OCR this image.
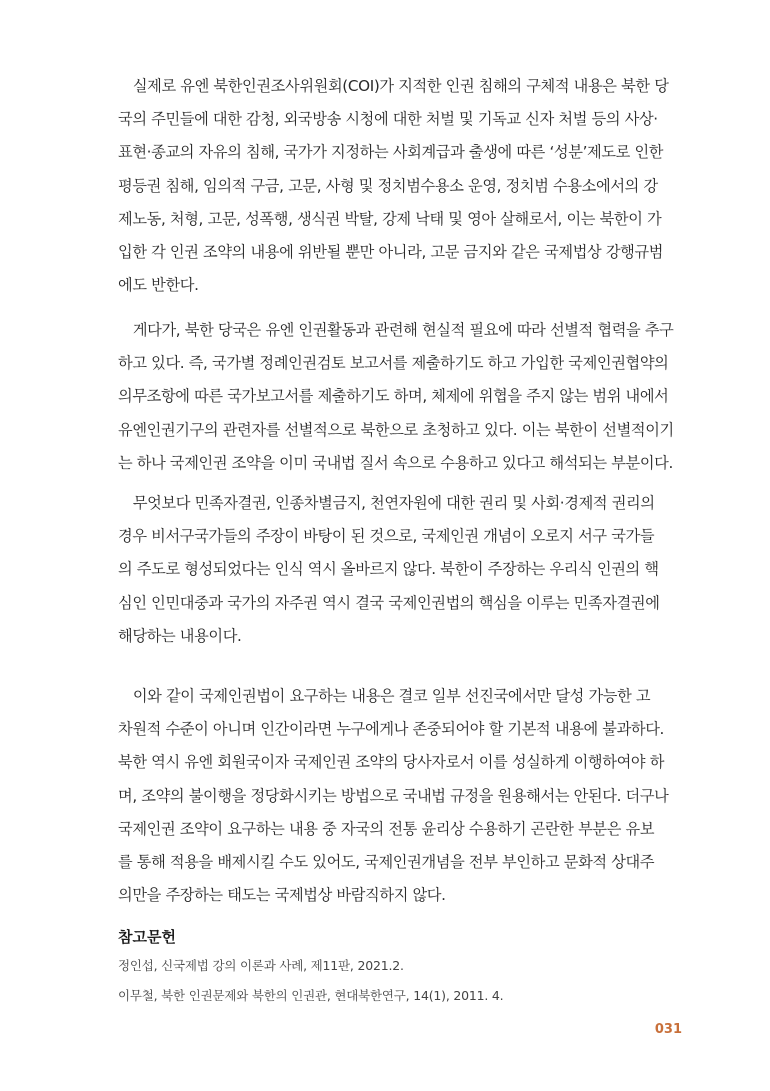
　실제로 유엔 북한인권조사위원회(COI)가 지적한 인권 침해의 구체적 내용은 북한 당
국의 주민들에 대한 감청, 외국방송 시청에 대한 처벌 및 기독교 신자 처벌 등의 사상·
표현·종교의 자유의 침해, 국가가 지정하는 사회계급과 출생에 따른 ‘성분’제도로 인한
평등권 침해, 임의적 구금, 고문, 사형 및 정치범수용소 운영, 정치범 수용소에서의 강
제노동, 처형, 고문, 성폭행, 생식권 박탈, 강제 낙태 및 영아 살해로서, 이는 북한이 가
입한 각 인권 조약의 내용에 위반될 뿐만 아니라, 고문 금지와 같은 국제법상 강행규범
에도 반한다.

　게다가, 북한 당국은 유엔 인권활동과 관련해 현실적 필요에 따라 선별적 협력을 추구
하고 있다. 즉, 국가별 정례인권검토 보고서를 제출하기도 하고 가입한 국제인권협약의
의무조항에 따른 국가보고서를 제출하기도 하며, 체제에 위협을 주지 않는 범위 내에서
유엔인권기구의 관련자를 선별적으로 북한으로 초청하고 있다. 이는 북한이 선별적이기
는 하나 국제인권 조약을 이미 국내법 질서 속으로 수용하고 있다고 해석되는 부분이다.

　무엇보다 민족자결권, 인종차별금지, 천연자원에 대한 권리 및 사회·경제적 권리의
경우 비서구국가들의 주장이 바탕이 된 것으로, 국제인권 개념이 오로지 서구 국가들
의 주도로 형성되었다는 인식 역시 올바르지 않다. 북한이 주장하는 우리식 인권의 핵
심인 인민대중과 국가의 자주권 역시 결국 국제인권법의 핵심을 이루는 민족자결권에
해당하는 내용이다.

　이와 같이 국제인권법이 요구하는 내용은 결코 일부 선진국에서만 달성 가능한 고
차원적 수준이 아니며 인간이라면 누구에게나 존중되어야 할 기본적 내용에 불과하다.
북한 역시 유엔 회원국이자 국제인권 조약의 당사자로서 이를 성실하게 이행하여야 하
며, 조약의 불이행을 정당화시키는 방법으로 국내법 규정을 원용해서는 안된다. 더구나
국제인권 조약이 요구하는 내용 중 자국의 전통 윤리상 수용하기 곤란한 부분은 유보
를 통해 적용을 배제시킬 수도 있어도, 국제인권개념을 전부 부인하고 문화적 상대주
의만을 주장하는 태도는 국제법상 바람직하지 않다.

참고문헌

정인섭, 신국제법 강의 이론과 사례, 제11판, 2021.2.

이무철, 북한 인권문제와 북한의 인권관, 현대북한연구, 14(1), 2011. 4.

031
